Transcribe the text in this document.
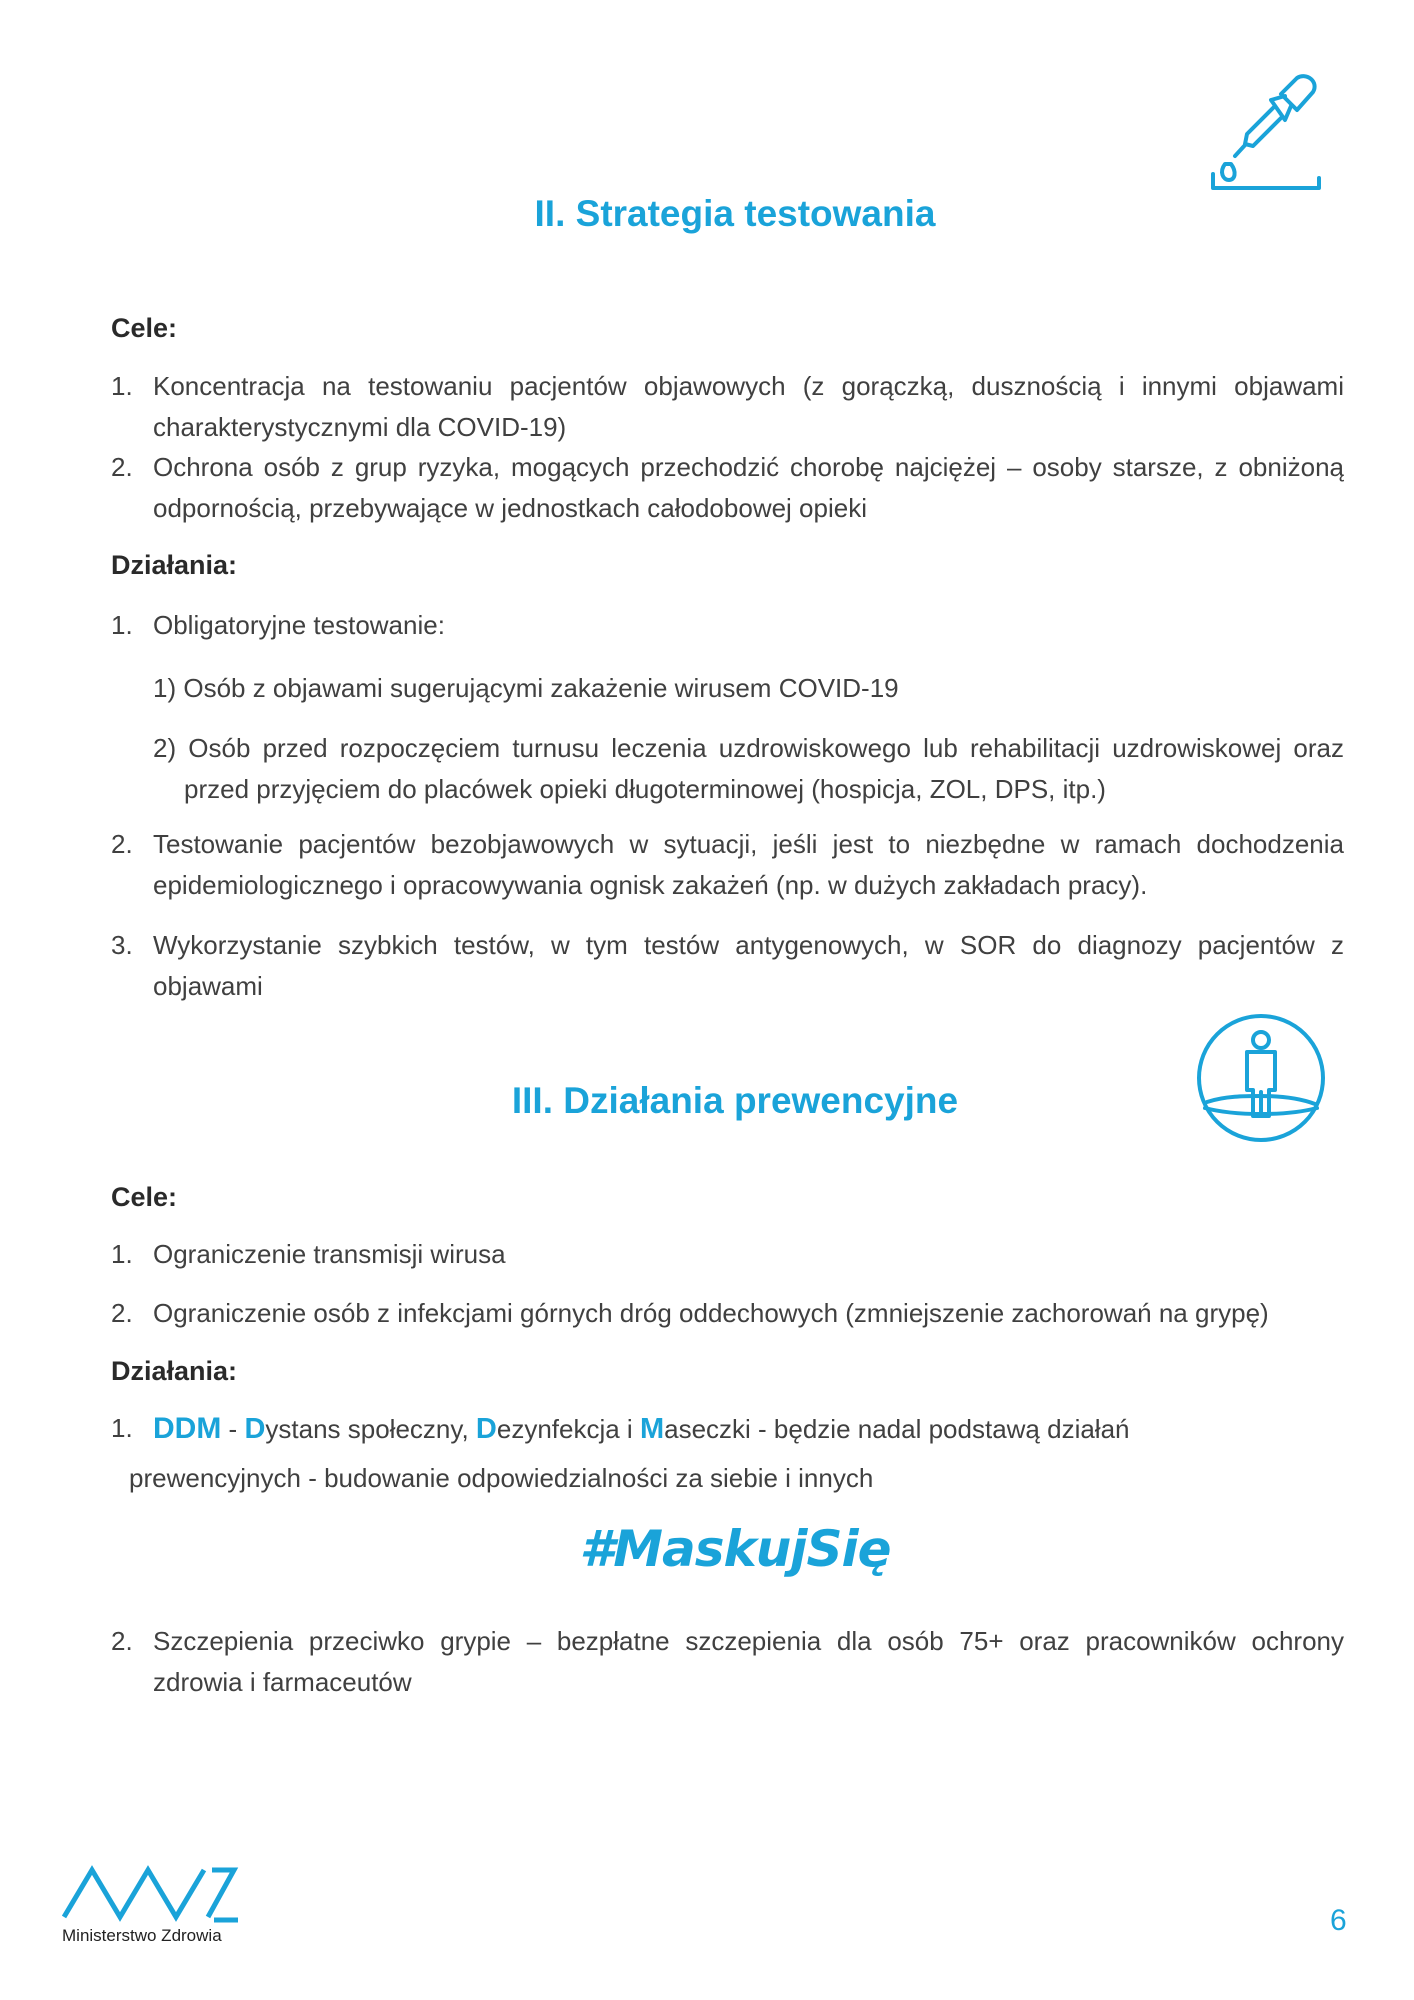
II. Strategia testowania
Cele:
1. Koncentracja na testowaniu pacjentów objawowych (z gorączką, dusznością i innymi objawami charakterystycznymi dla COVID-19)
2. Ochrona osób z grup ryzyka, mogących przechodzić chorobę najciężej – osoby starsze, z obniżoną odpornością, przebywające w jednostkach całodobowej opieki
Działania:
1. Obligatoryjne testowanie:
1) Osób z objawami sugerującymi zakażenie wirusem COVID-19
2) Osób przed rozpoczęciem turnusu leczenia uzdrowiskowego lub rehabilitacji uzdrowiskowej oraz przed przyjęciem do placówek opieki długoterminowej (hospicja, ZOL, DPS, itp.)
2. Testowanie pacjentów bezobjawowych w sytuacji, jeśli jest to niezbędne w ramach dochodzenia epidemiologicznego i opracowywania ognisk zakażeń (np. w dużych zakładach pracy).
3. Wykorzystanie szybkich testów, w tym testów antygenowych, w SOR do diagnozy pacjentów z objawami
III. Działania prewencyjne
Cele:
1. Ograniczenie transmisji wirusa
2. Ograniczenie osób z infekcjami górnych dróg oddechowych (zmniejszenie zachorowań na grypę)
Działania:
1. DDM - Dystans społeczny, Dezynfekcja i Maseczki - będzie nadal podstawą działań
prewencyjnych - budowanie odpowiedzialności za siebie i innych
#MaskujSię
2. Szczepienia przeciwko grypie – bezpłatne szczepienia dla osób 75+ oraz pracowników ochrony zdrowia i farmaceutów
Ministerstwo Zdrowia	6
